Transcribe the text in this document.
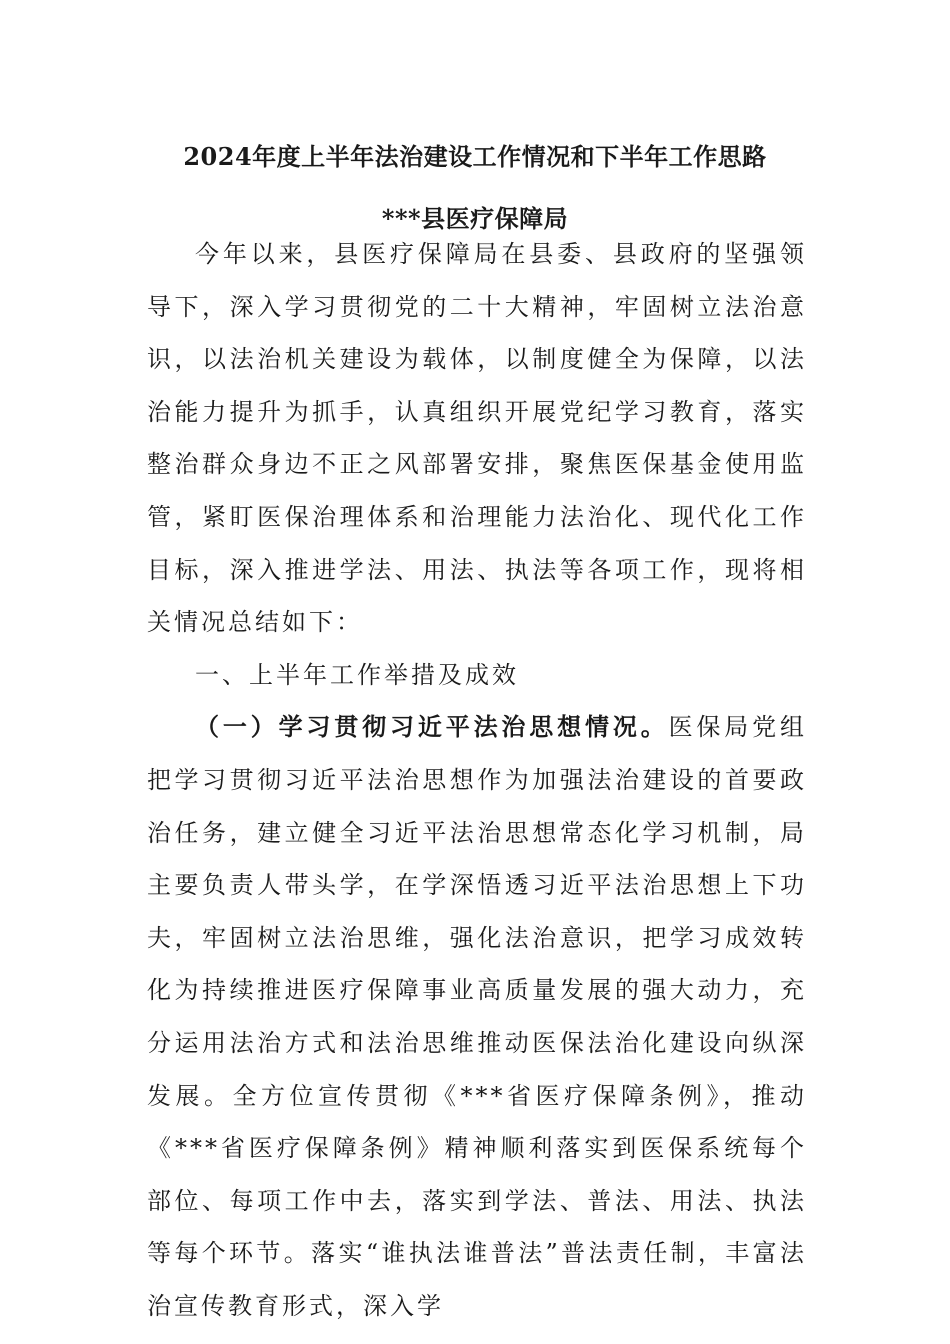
2024年度上半年法治建设工作情况和下半年工作思路
***县医疗保障局

今年以来，县医疗保障局在县委、县政府的坚强领导下，深入学习贯彻党的二十大精神，牢固树立法治意识，以法治机关建设为载体，以制度健全为保障，以法治能力提升为抓手，认真组织开展党纪学习教育，落实整治群众身边不正之风部署安排，聚焦医保基金使用监管，紧盯医保治理体系和治理能力法治化、现代化工作目标，深入推进学法、用法、执法等各项工作，现将相关情况总结如下：

一、上半年工作举措及成效

（一）学习贯彻习近平法治思想情况。医保局党组把学习贯彻习近平法治思想作为加强法治建设的首要政治任务，建立健全习近平法治思想常态化学习机制，局主要负责人带头学，在学深悟透习近平法治思想上下功夫，牢固树立法治思维，强化法治意识，把学习成效转化为持续推进医疗保障事业高质量发展的强大动力，充分运用法治方式和法治思维推动医保法治化建设向纵深发展。全方位宣传贯彻《***省医疗保障条例》，推动《***省医疗保障条例》精神顺利落实到医保系统每个部位、每项工作中去，落实到学法、普法、用法、执法等每个环节。落实“谁执法谁普法”普法责任制，丰富法治宣传教育形式，深入学
